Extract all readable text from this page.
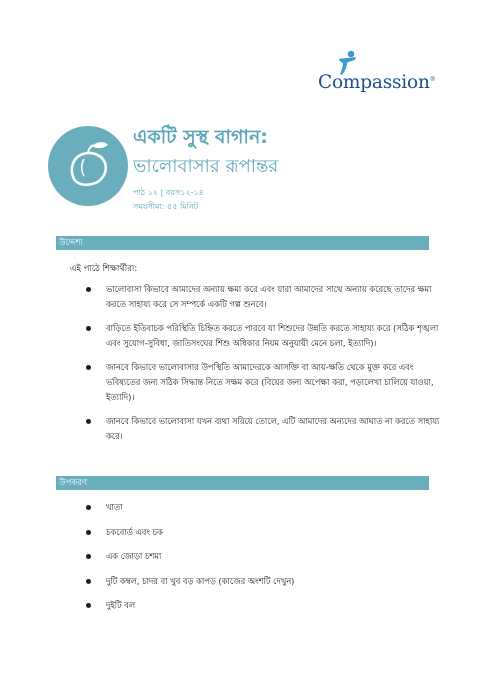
Compassion®
একটি সুস্থ বাগান:
ভালোবাসার রূপান্তর
পাঠ ১২ | বয়স১২-১৪
সময়সীমা: ৫৫ মিনিট
উদ্দেশ্য
এই পাঠে শিক্ষার্থীরা:
ভালোবাসা কিভাবে আমাদের অন্যায় ক্ষমা করে এবং যারা আমাদের সাথে অন্যায় করেছে তাদের ক্ষমা করতে সাহায্য করে সে সম্পর্কে একটি গল্প শুনবে।
বাড়িতে ইতিবাচক পরিস্থিতি চিহ্নিত করতে পারবে যা শিশুদের উন্নতি করতে সাহায্য করে (সঠিক শৃঙ্খলা এবং সুযোগ-সুবিধা, জাতিসংঘের শিশু অধিকার নিয়ম অনুযায়ী মেনে চলা, ইত্যাদি)।
জানবে কিভাবে ভালোবাসার উপস্থিতি আমাদেরকে আসক্তি বা আয়-ক্ষতি থেকে মুক্ত করে এবং ভবিষ্যতের জন্য সঠিক সিদ্ধান্ত নিতে সক্ষম করে (বিয়ের জন্য অপেক্ষা করা, পড়ালেখা চালিয়ে যাওয়া, ইত্যাদি)।
জানবে কিভাবে ভালোবাসা যখন ব্যথা সরিয়ে তোলে, এটি আমাদের অন্যদের আঘাত না করতে সাহায্য করে।
উপকরণ
খাতা
চকবোর্ড এবং চক
এক জোড়া চশমা
দুটি কম্বল, চাদর বা খুব বড় কাপড় (কাজের অংশটি দেখুন)
দুইটি বল
